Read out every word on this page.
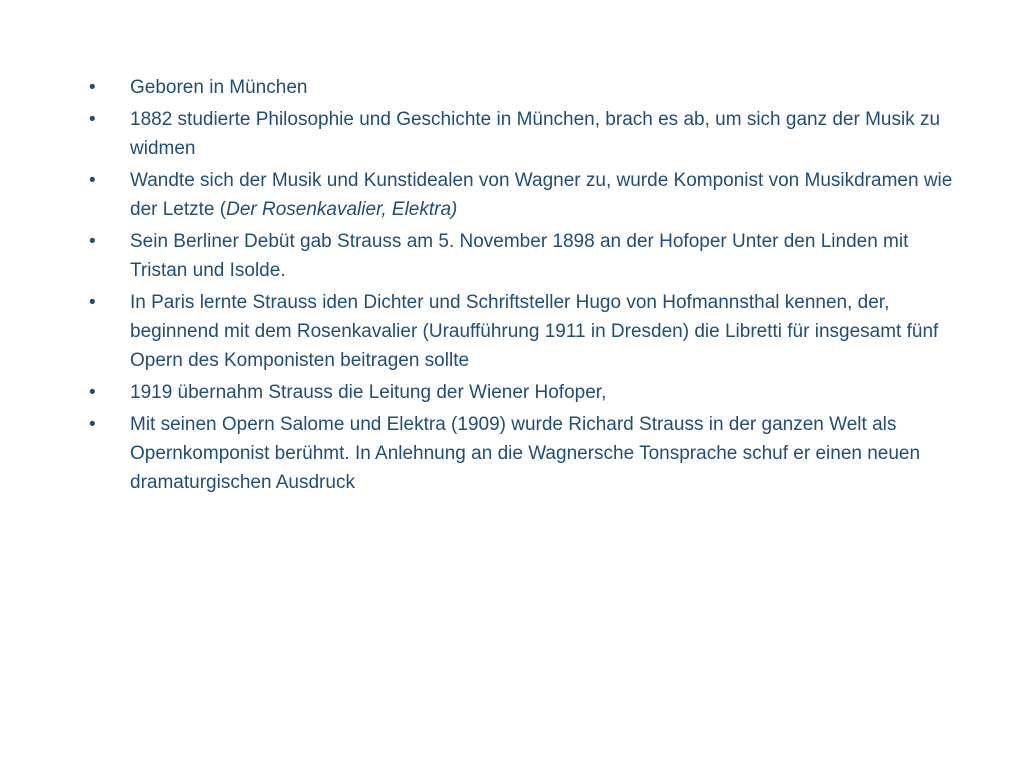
•	Geboren in München
•	1882 studierte Philosophie und Geschichte in München, brach es ab, um sich ganz der Musik zu widmen
•	Wandte sich der Musik und Kunstidealen von Wagner zu, wurde Komponist von Musikdramen wie der Letzte (Der Rosenkavalier, Elektra)
•	Sein Berliner Debüt gab Strauss am 5. November 1898 an der Hofoper Unter den Linden mit Tristan und Isolde.
•	In Paris lernte Strauss iden Dichter und Schriftsteller Hugo von Hofmannsthal kennen, der, beginnend mit dem Rosenkavalier (Uraufführung 1911 in Dresden) die Libretti für insgesamt fünf Opern des Komponisten beitragen sollte
•	1919 übernahm Strauss die Leitung der Wiener Hofoper,
•	Mit seinen Opern Salome und Elektra (1909) wurde Richard Strauss in der ganzen Welt als Opernkomponist berühmt. In Anlehnung an die Wagnersche Tonsprache schuf er einen neuen dramaturgischen Ausdruck
